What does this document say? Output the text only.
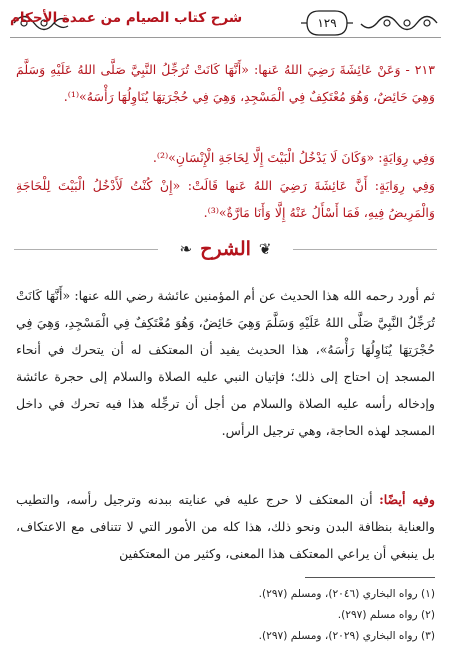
١٢٩
شرح كتاب الصيام من عمدة الأحكام
٢١٣ - وَعَنْ عَائِشَةَ رَضِيَ اللهُ عَنها: «أَنَّهَا كَانَتْ تُرَجِّلُ النَّبِيَّ صَلَّى اللهُ عَلَيْهِ وَسَلَّمَ وَهِيَ حَائِضٌ، وَهُوَ مُعْتَكِفٌ فِي الْمَسْجِدِ، وَهِيَ فِي حُجْرَتِهَا يُنَاوِلُهَا رَأْسَهُ»⁽¹⁾.
وَفِي رِوَايَةٍ: «وَكَانَ لَا يَدْخُلُ الْبَيْتَ إِلَّا لِحَاجَةِ الْإِنْسَانِ»⁽²⁾.
وَفِي رِوَايَةٍ: أَنَّ عَائِشَةَ رَضِيَ اللهُ عَنها قَالَتْ: «إِنْ كُنْتُ لَأَدْخُلُ الْبَيْتَ لِلْحَاجَةِ وَالْمَرِيضُ فِيهِ، فَمَا أَسْأَلُ عَنْهُ إِلَّا وَأَنَا مَارَّةٌ»⁽³⁾.
❦
الشرح
❧
ثم أورد رحمه الله هذا الحديث عن أم المؤمنين عائشة رضي الله عنها: «أَنَّهَا كَانَتْ تُرَجِّلُ النَّبِيَّ صَلَّى اللهُ عَلَيْهِ وَسَلَّمَ وَهِيَ حَائِضٌ، وَهُوَ مُعْتَكِفٌ فِي الْمَسْجِدِ، وَهِيَ فِي حُجْرَتِهَا يُنَاوِلُهَا رَأْسَهُ»، هذا الحديث يفيد أن المعتكف له أن يتحرك في أنحاء المسجد إن احتاج إلى ذلك؛ فإتيان النبي عليه الصلاة والسلام إلى حجرة عائشة وإدخاله رأسه عليه الصلاة والسلام من أجل أن ترجِّله هذا فيه تحرك في داخل المسجد لهذه الحاجة، وهي ترجيل الرأس.
وفيه أيضًا: أن المعتكف لا حرج عليه في عنايته ببدنه وترجيل رأسه، والتطيب والعناية بنظافة البدن ونحو ذلك، هذا كله من الأمور التي لا تتنافى مع الاعتكاف، بل ينبغي أن يراعي المعتكف هذا المعنى، وكثير من المعتكفين
(١) رواه البخاري (٢٠٤٦)، ومسلم (٢٩٧).
(٢) رواه مسلم (٢٩٧).
(٣) رواه البخاري (٢٠٢٩)، ومسلم (٢٩٧).
